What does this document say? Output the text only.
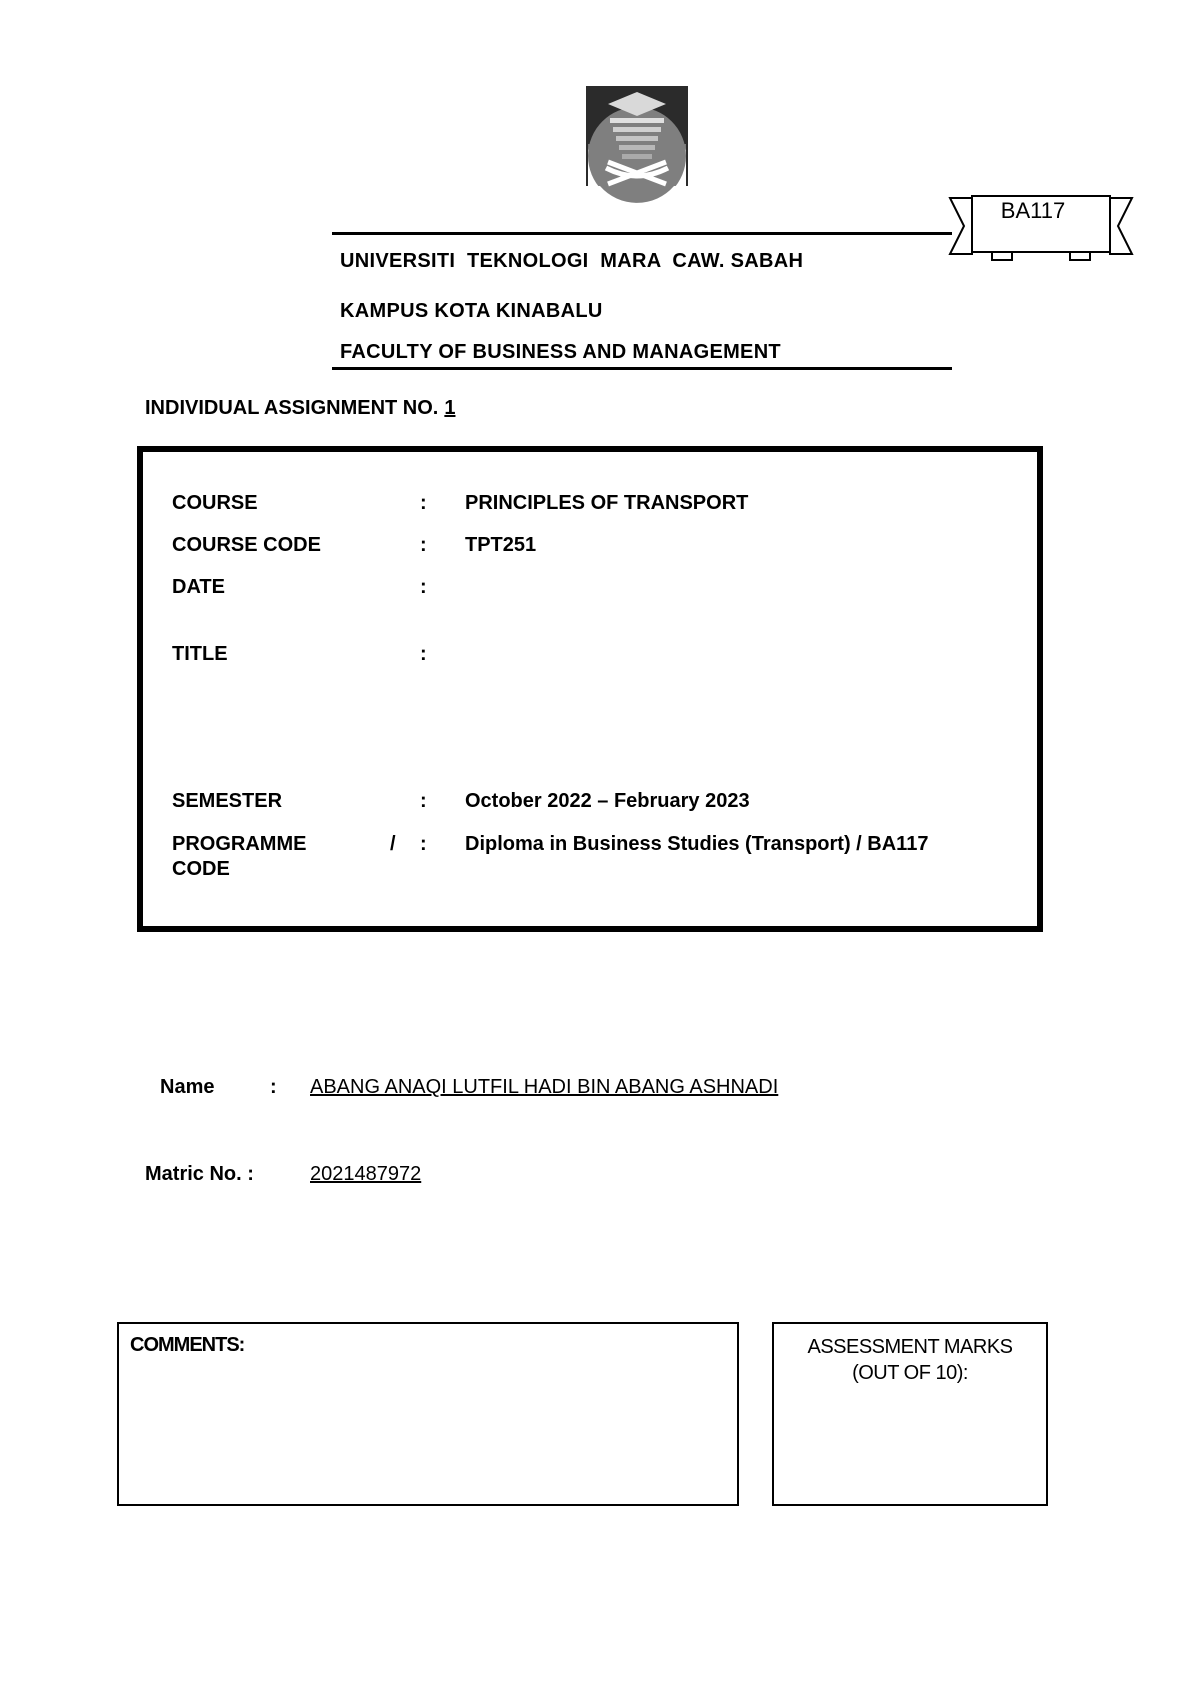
BA117
UNIVERSITI  TEKNOLOGI  MARA  CAW. SABAH
KAMPUS KOTA KINABALU
FACULTY OF BUSINESS AND MANAGEMENT
INDIVIDUAL ASSIGNMENT NO. 1
COURSE	: PRINCIPLES OF TRANSPORT
COURSE CODE	: TPT251
DATE	:
TITLE	:
SEMESTER	: October 2022 – February 2023
PROGRAMME	/ : Diploma in Business Studies (Transport) / BA117
CODE
Name	: ABANG ANAQI LUTFIL HADI BIN ABANG ASHNADI
Matric No. :	2021487972
COMMENTS:	ASSESSMENT MARKS
(OUT OF 10):
